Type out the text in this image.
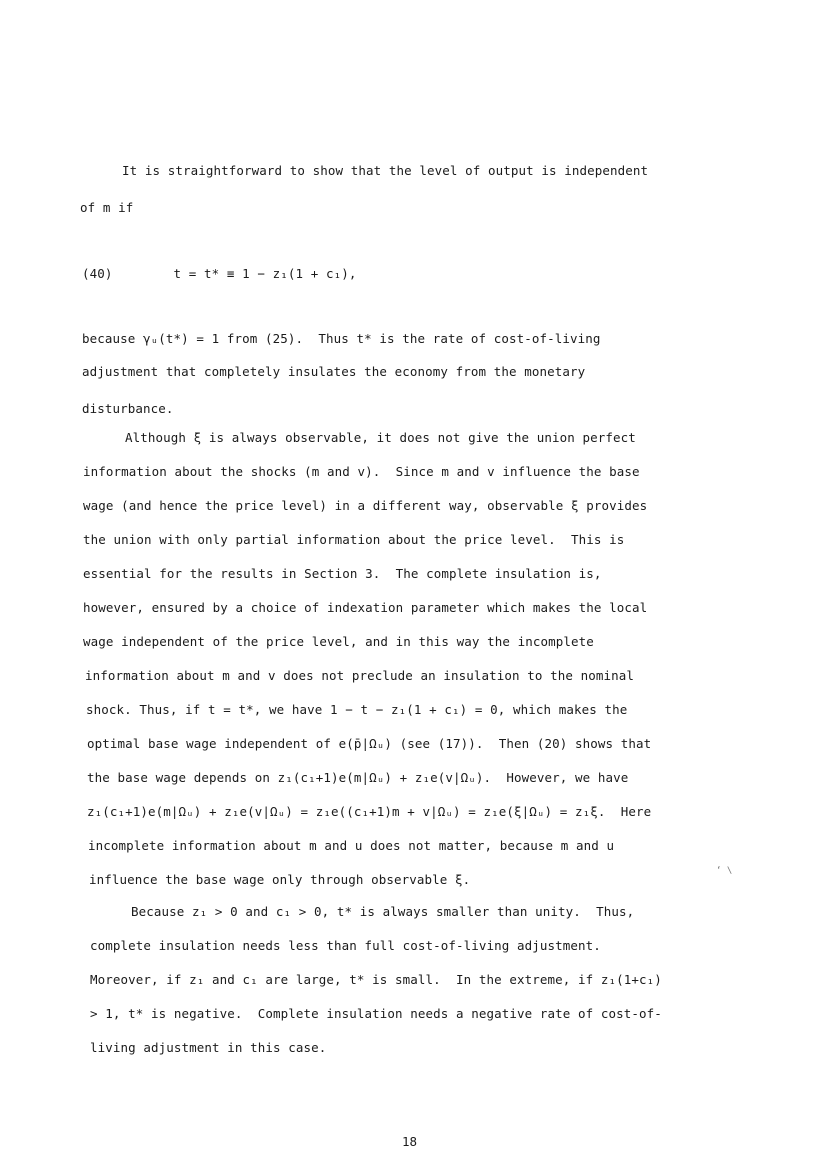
It is straightforward to show that the level of output is independent
of m if
(40)        t = t* ≡ 1 − z₁(1 + c₁),
because γᵤ(t*) = 1 from (25).  Thus t* is the rate of cost-of-living
adjustment that completely insulates the economy from the monetary
disturbance.
Although ξ is always observable, it does not give the union perfect
information about the shocks (m and v).  Since m and v influence the base
wage (and hence the price level) in a different way, observable ξ provides
the union with only partial information about the price level.  This is
essential for the results in Section 3.  The complete insulation is,
however, ensured by a choice of indexation parameter which makes the local
wage independent of the price level, and in this way the incomplete
information about m and v does not preclude an insulation to the nominal
shock. Thus, if t = t*, we have 1 − t − z₁(1 + c₁) = 0, which makes the
optimal base wage independent of e(p̄|Ωᵤ) (see (17)).  Then (20) shows that
the base wage depends on z₁(c₁+1)e(m|Ωᵤ) + z₁e(v|Ωᵤ).  However, we have
z₁(c₁+1)e(m|Ωᵤ) + z₁e(v|Ωᵤ) = z₁e((c₁+1)m + v|Ωᵤ) = z₁e(ξ|Ωᵤ) = z₁ξ.  Here
incomplete information about m and u does not matter, because m and u
influence the base wage only through observable ξ.
Because z₁ > 0 and c₁ > 0, t* is always smaller than unity.  Thus,
complete insulation needs less than full cost-of-living adjustment.
Moreover, if z₁ and c₁ are large, t* is small.  In the extreme, if z₁(1+c₁)
> 1, t* is negative.  Complete insulation needs a negative rate of cost-of-
living adjustment in this case.
‘ \
18
